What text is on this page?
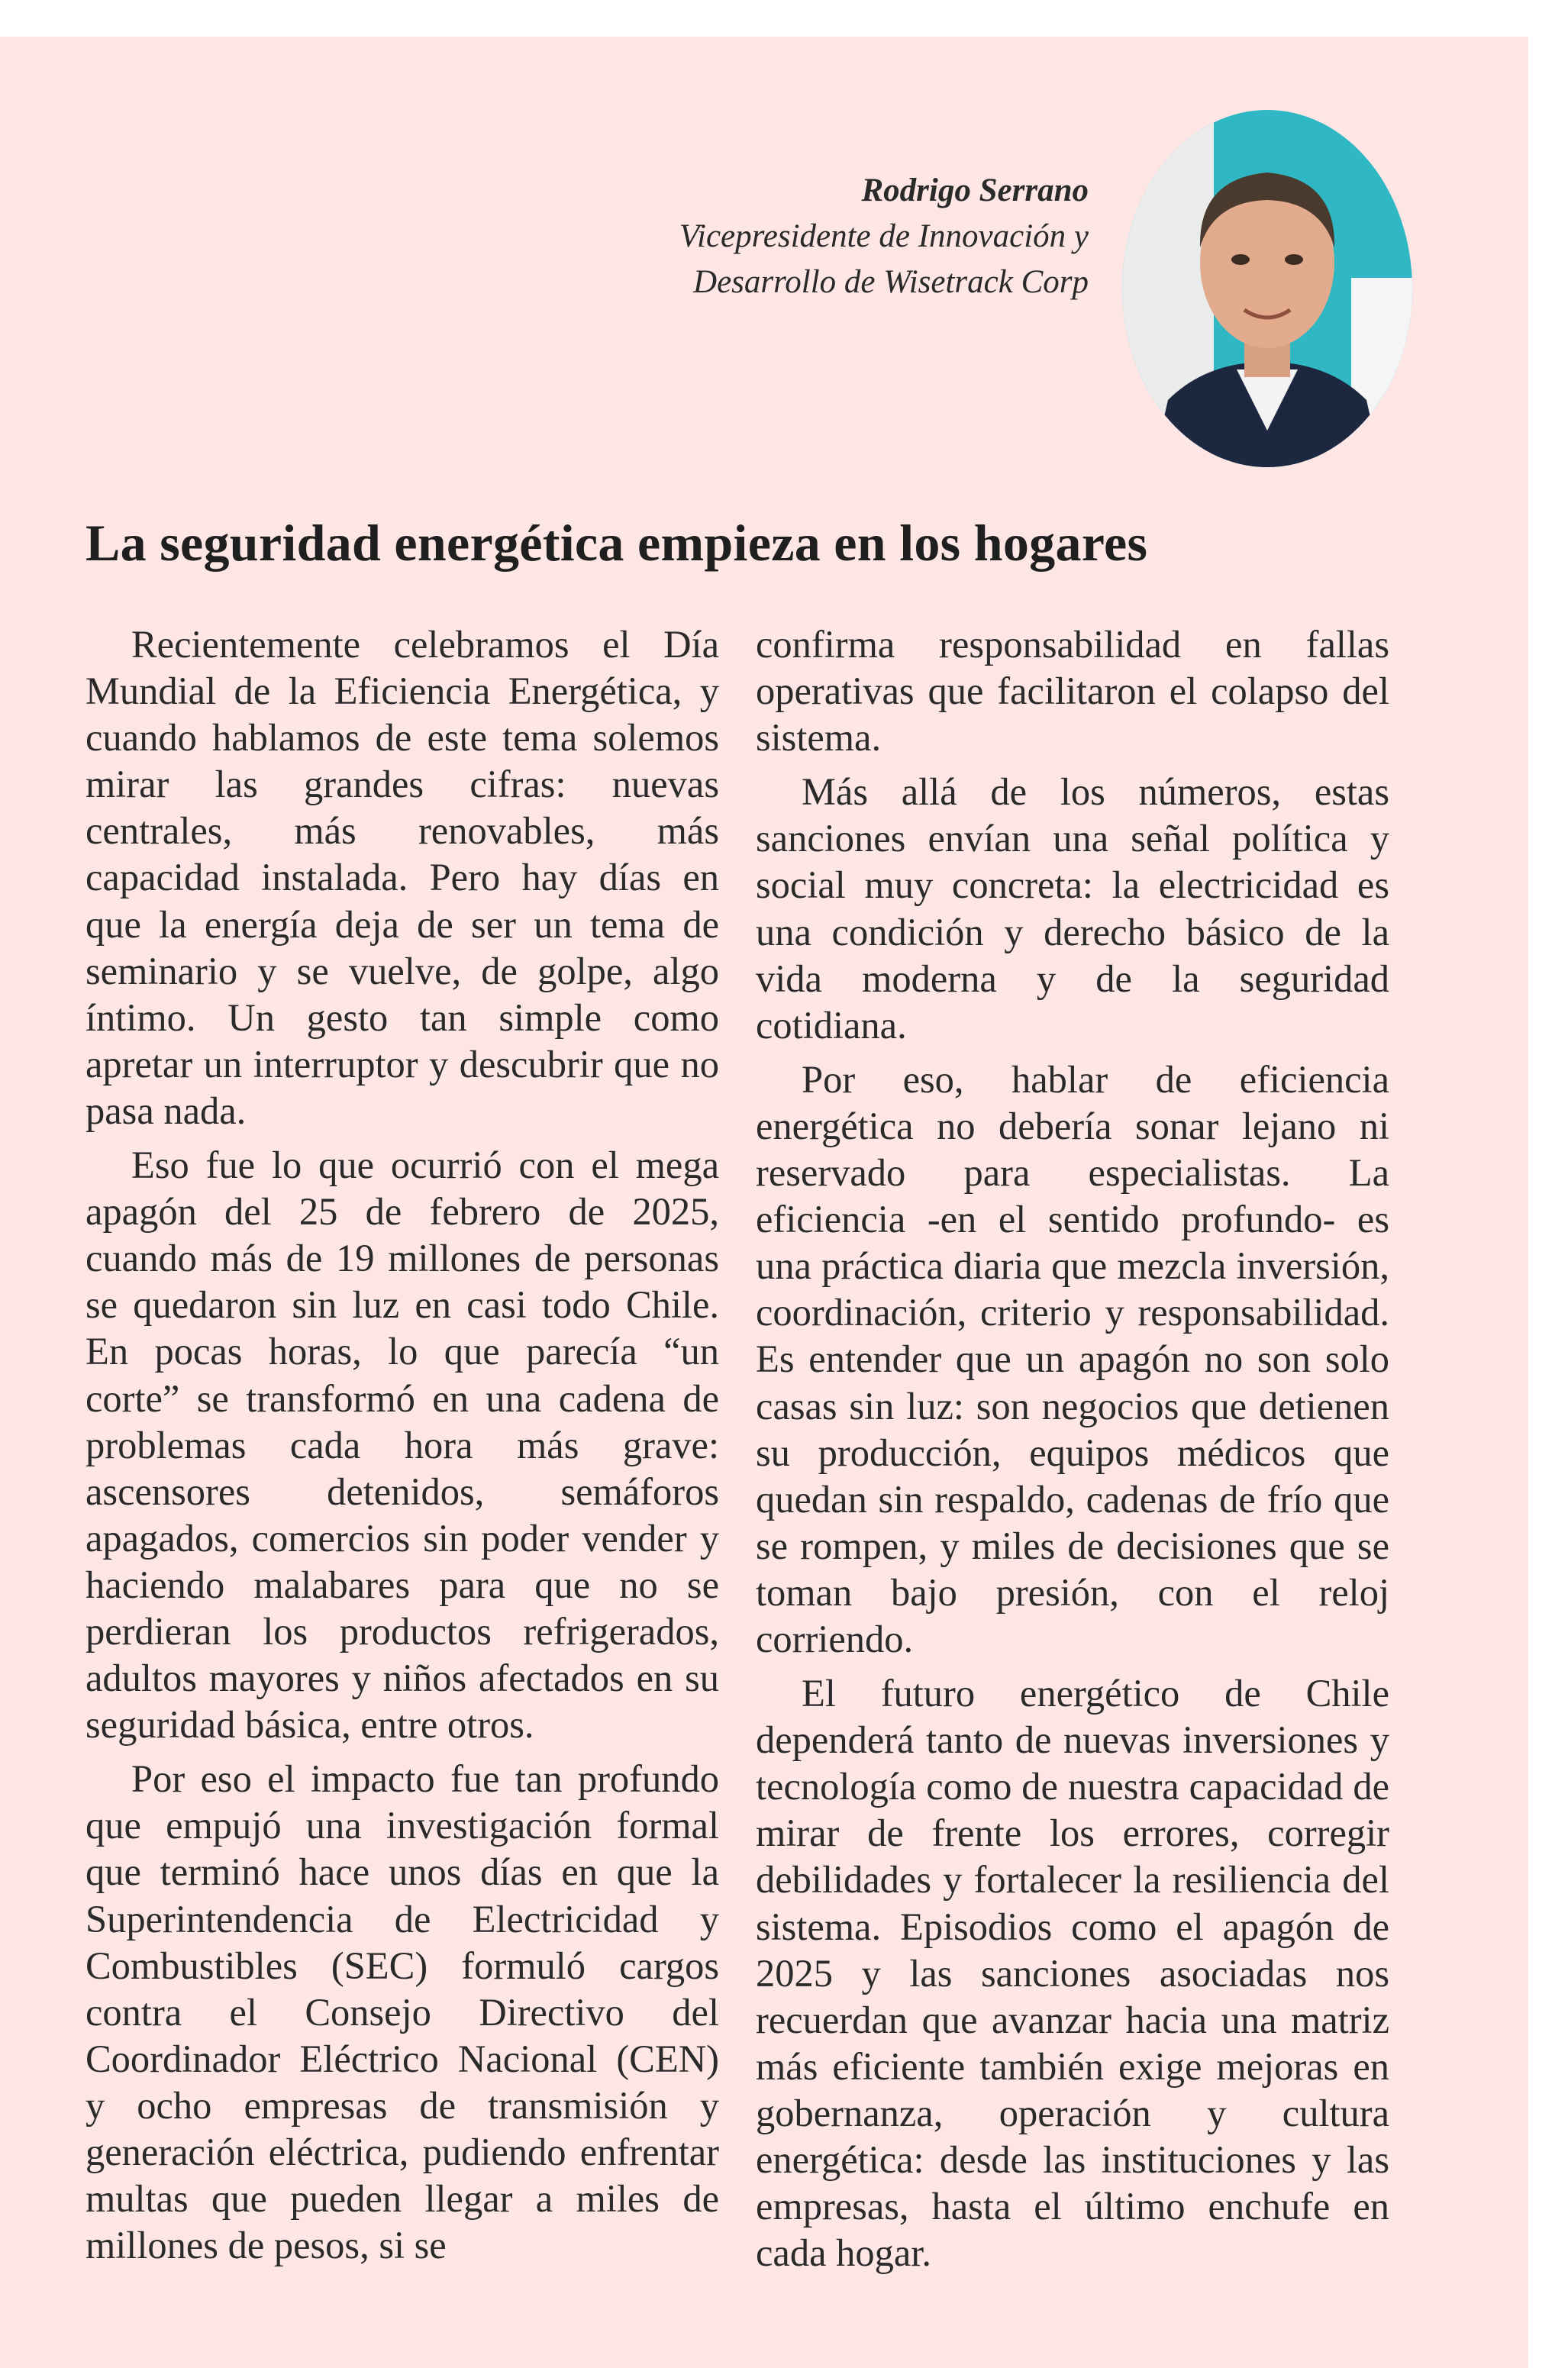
Rodrigo Serrano
Vicepresidente de Innovación y
Desarrollo de Wisetrack Corp
La seguridad energética empieza en los hogares

Recientemente celebramos el Día Mundial de la Eficiencia Energética, y cuando hablamos de este tema solemos mirar las grandes cifras: nuevas centrales, más renovables, más capacidad instalada. Pero hay días en que la energía deja de ser un tema de seminario y se vuelve, de golpe, algo íntimo. Un gesto tan simple como apretar un interruptor y descubrir que no pasa nada.

Eso fue lo que ocurrió con el mega apagón del 25 de febrero de 2025, cuando más de 19 millones de personas se quedaron sin luz en casi todo Chile. En pocas horas, lo que parecía “un corte” se transformó en una cadena de problemas cada hora más grave: ascensores detenidos, semáforos apagados, comercios sin poder vender y haciendo malabares para que no se perdieran los productos refrigerados, adultos mayores y niños afectados en su seguridad básica, entre otros.

Por eso el impacto fue tan profundo que empujó una investigación formal que terminó hace unos días en que la Superintendencia de Electricidad y Combustibles (SEC) formuló cargos contra el Consejo Directivo del Coordinador Eléctrico Nacional (CEN) y ocho empresas de transmisión y generación eléctrica, pudiendo enfrentar multas que pueden llegar a miles de millones de pesos, si se

confirma responsabilidad en fallas operativas que facilitaron el colapso del sistema.

Más allá de los números, estas sanciones envían una señal política y social muy concreta: la electricidad es una condición y derecho básico de la vida moderna y de la seguridad cotidiana.

Por eso, hablar de eficiencia energética no debería sonar lejano ni reservado para especialistas. La eficiencia -en el sentido profundo- es una práctica diaria que mezcla inversión, coordinación, criterio y responsabilidad. Es entender que un apagón no son solo casas sin luz: son negocios que detienen su producción, equipos médicos que quedan sin respaldo, cadenas de frío que se rompen, y miles de decisiones que se toman bajo presión, con el reloj corriendo.

El futuro energético de Chile dependerá tanto de nuevas inversiones y tecnología como de nuestra capacidad de mirar de frente los errores, corregir debilidades y fortalecer la resiliencia del sistema. Episodios como el apagón de 2025 y las sanciones asociadas nos recuerdan que avanzar hacia una matriz más eficiente también exige mejoras en gobernanza, operación y cultura energética: desde las instituciones y las empresas, hasta el último enchufe en cada hogar.
